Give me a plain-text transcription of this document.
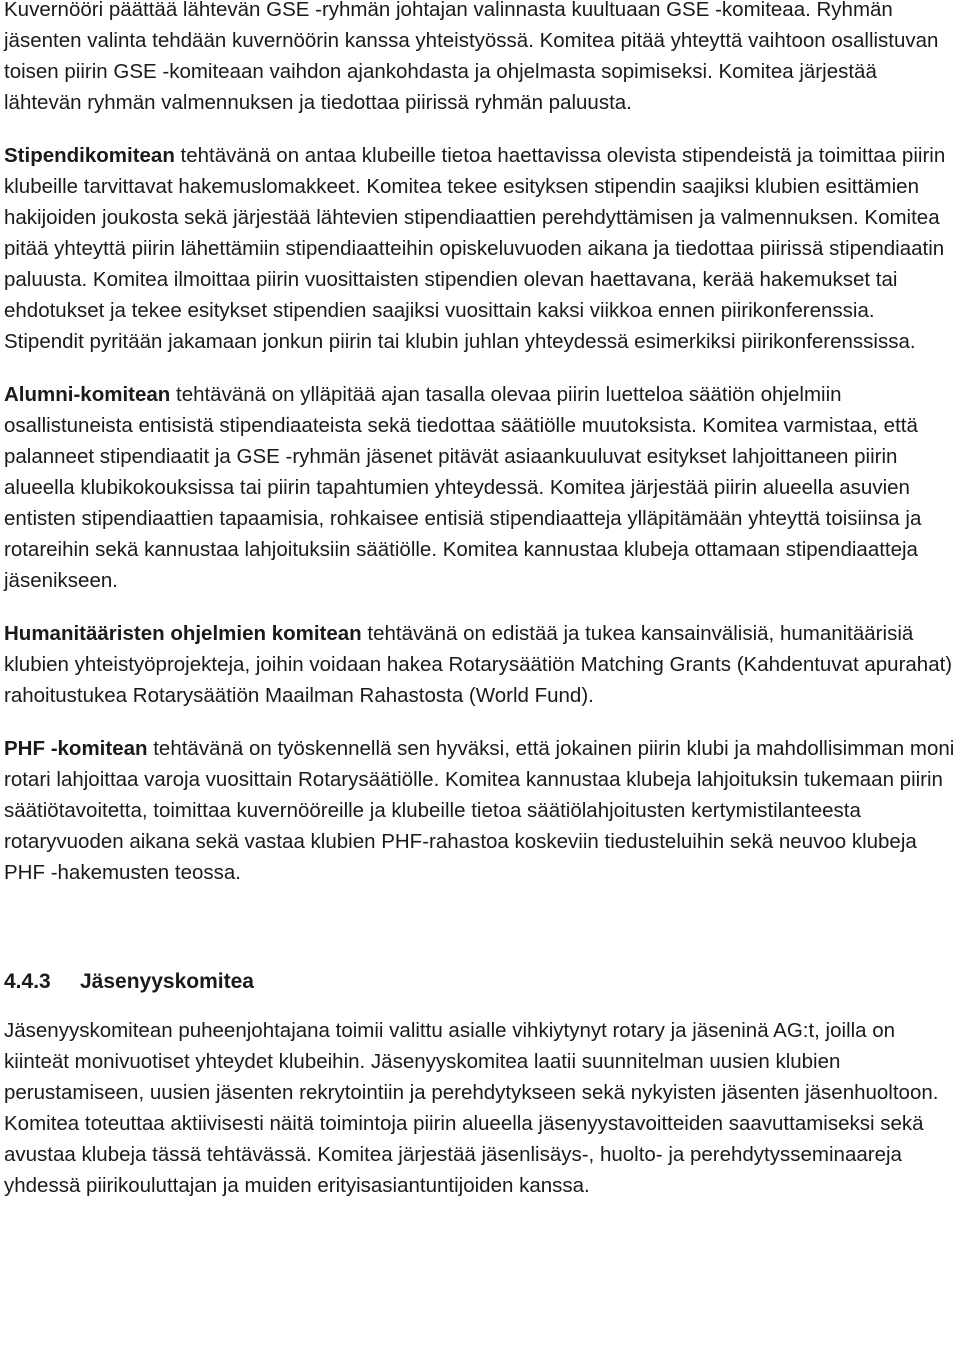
Kuvernööri päättää lähtevän GSE -ryhmän johtajan valinnasta kuultuaan GSE -komiteaa. Ryhmän jäsenten valinta tehdään kuvernöörin kanssa yhteistyössä. Komitea pitää yhteyttä vaihtoon osallistuvan toisen piirin GSE -komiteaan vaihdon ajankohdasta ja ohjelmasta sopimiseksi. Komitea järjestää lähtevän ryhmän valmennuksen ja tiedottaa piirissä ryhmän paluusta.

Stipendikomitean tehtävänä on antaa klubeille tietoa haettavissa olevista stipendeistä ja toimittaa piirin klubeille tarvittavat hakemuslomakkeet. Komitea tekee esityksen stipendin saajiksi klubien esittämien hakijoiden joukosta sekä järjestää lähtevien stipendiaattien perehdyttämisen ja valmennuksen. Komitea pitää yhteyttä piirin lähettämiin stipendiaatteihin opiskeluvuoden aikana ja tiedottaa piirissä stipendiaatin paluusta. Komitea ilmoittaa piirin vuosittaisten stipendien olevan haettavana, kerää hakemukset tai ehdotukset ja tekee esitykset stipendien saajiksi vuosittain kaksi viikkoa ennen piirikonferenssia. Stipendit pyritään jakamaan jonkun piirin tai klubin juhlan yhteydessä esimerkiksi piirikonferenssissa.

Alumni-komitean tehtävänä on ylläpitää ajan tasalla olevaa piirin luetteloa säätiön ohjelmiin osallistuneista entisistä stipendiaateista sekä tiedottaa säätiölle muutoksista. Komitea varmistaa, että palanneet stipendiaatit ja GSE -ryhmän jäsenet pitävät asiaankuuluvat esitykset lahjoittaneen piirin alueella klubikokouksissa tai piirin tapahtumien yhteydessä. Komitea järjestää piirin alueella asuvien entisten stipendiaattien tapaamisia, rohkaisee entisiä stipendiaatteja ylläpitämään yhteyttä toisiinsa ja rotareihin sekä kannustaa lahjoituksiin säätiölle. Komitea kannustaa klubeja ottamaan stipendiaatteja jäsenikseen.

Humanitääristen ohjelmien komitean tehtävänä on edistää ja tukea kansainvälisiä, humanitäärisiä klubien yhteistyöprojekteja, joihin voidaan hakea Rotarysäätiön Matching Grants (Kahdentuvat apurahat) rahoitustukea Rotarysäätiön Maailman Rahastosta (World Fund).

PHF -komitean tehtävänä on työskennellä sen hyväksi, että jokainen piirin klubi ja mahdollisimman moni rotari lahjoittaa varoja vuosittain Rotarysäätiölle. Komitea kannustaa klubeja lahjoituksin tukemaan piirin säätiötavoitetta, toimittaa kuvernööreille ja klubeille tietoa säätiölahjoitusten kertymistilanteesta rotaryvuoden aikana sekä vastaa klubien PHF-rahastoa koskeviin tiedusteluihin sekä neuvoo klubeja PHF -hakemusten teossa.

4.4.3 Jäsenyyskomitea

Jäsenyyskomitean puheenjohtajana toimii valittu asialle vihkiytynyt rotary ja jäseninä AG:t, joilla on kiinteät monivuotiset yhteydet klubeihin. Jäsenyyskomitea laatii suunnitelman uusien klubien perustamiseen, uusien jäsenten rekrytointiin ja perehdytykseen sekä nykyisten jäsenten jäsenhuoltoon. Komitea toteuttaa aktiivisesti näitä toimintoja piirin alueella jäsenyystavoitteiden saavuttamiseksi sekä avustaa klubeja tässä tehtävässä. Komitea järjestää jäsenlisäys-, huolto- ja perehdytysseminaareja yhdessä piirikouluttajan ja muiden erityisasiantuntijoiden kanssa.
